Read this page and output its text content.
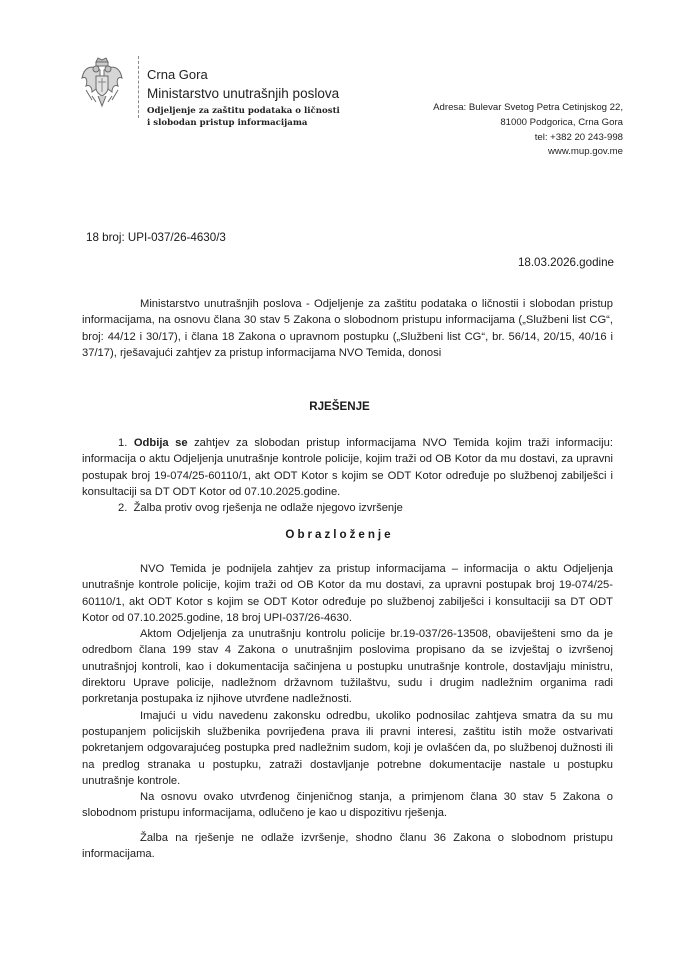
Crna Gora
Ministarstvo unutrašnjih poslova
Odjeljenje za zaštitu podataka o ličnosti
i slobodan pristup informacijama
Adresa: Bulevar Svetog Petra Cetinjskog 22,
81000 Podgorica, Crna Gora
tel: +382 20 243-998
www.mup.gov.me
18 broj: UPI-037/26-4630/3
18.03.2026.godine

Ministarstvo unutrašnjih poslova - Odjeljenje za zaštitu podataka o ličnostii i slobodan pristup informacijama, na osnovu člana 30 stav 5 Zakona o slobodnom pristupu informacijama („Službeni list CG“, broj: 44/12 i 30/17), i člana 18 Zakona o upravnom postupku („Službeni list CG“, br. 56/14, 20/15, 40/16 i 37/17), rješavajući zahtjev za pristup informacijama NVO Temida, donosi

RJEŠENJE

1. Odbija se zahtjev za slobodan pristup informacijama NVO Temida kojim traži informaciju: informacija o aktu Odjeljenja unutrašnje kontrole policije, kojim traži od OB Kotor da mu dostavi, za upravni postupak broj 19-074/25-60110/1, akt ODT Kotor s kojim se ODT Kotor određuje po službenoj zabilješci i konsultaciji sa DT ODT Kotor od 07.10.2025.godine.

2. Žalba protiv ovog rješenja ne odlaže njegovo izvršenje

Obrazloženje

NVO Temida je podnijela zahtjev za pristup informacijama – informacija o aktu Odjeljenja unutrašnje kontrole policije, kojim traži od OB Kotor da mu dostavi, za upravni postupak broj 19-074/25-60110/1, akt ODT Kotor s kojim se ODT Kotor određuje po službenoj zabilješci i konsultaciji sa DT ODT Kotor od 07.10.2025.godine, 18 broj UPI-037/26-4630.

Aktom Odjeljenja za unutrašnju kontrolu policije br.19-037/26-13508, obaviješteni smo da je odredbom člana 199 stav 4 Zakona o unutrašnjim poslovima propisano da se izvještaj o izvršenoj unutrašnjoj kontroli, kao i dokumentacija sačinjena u postupku unutrašnje kontrole, dostavljaju ministru, direktoru Uprave policije, nadležnom državnom tužilaštvu, sudu i drugim nadležnim organima radi porkretanja postupaka iz njihove utvrđene nadležnosti.

Imajući u vidu navedenu zakonsku odredbu, ukoliko podnosilac zahtjeva smatra da su mu postupanjem policijskih službenika povrijeđena prava ili pravni interesi, zaštitu istih može ostvarivati pokretanjem odgovarajućeg postupka pred nadležnim sudom, koji je ovlašćen da, po službenoj dužnosti ili na predlog stranaka u postupku, zatraži dostavljanje potrebne dokumentacije nastale u postupku unutrašnje kontrole.

Na osnovu ovako utvrđenog činjeničnog stanja, a primjenom člana 30 stav 5 Zakona o slobodnom pristupu informacijama, odlučeno je kao u dispozitivu rješenja.

Žalba na rješenje ne odlaže izvršenje, shodno članu 36 Zakona o slobodnom pristupu informacijama.
